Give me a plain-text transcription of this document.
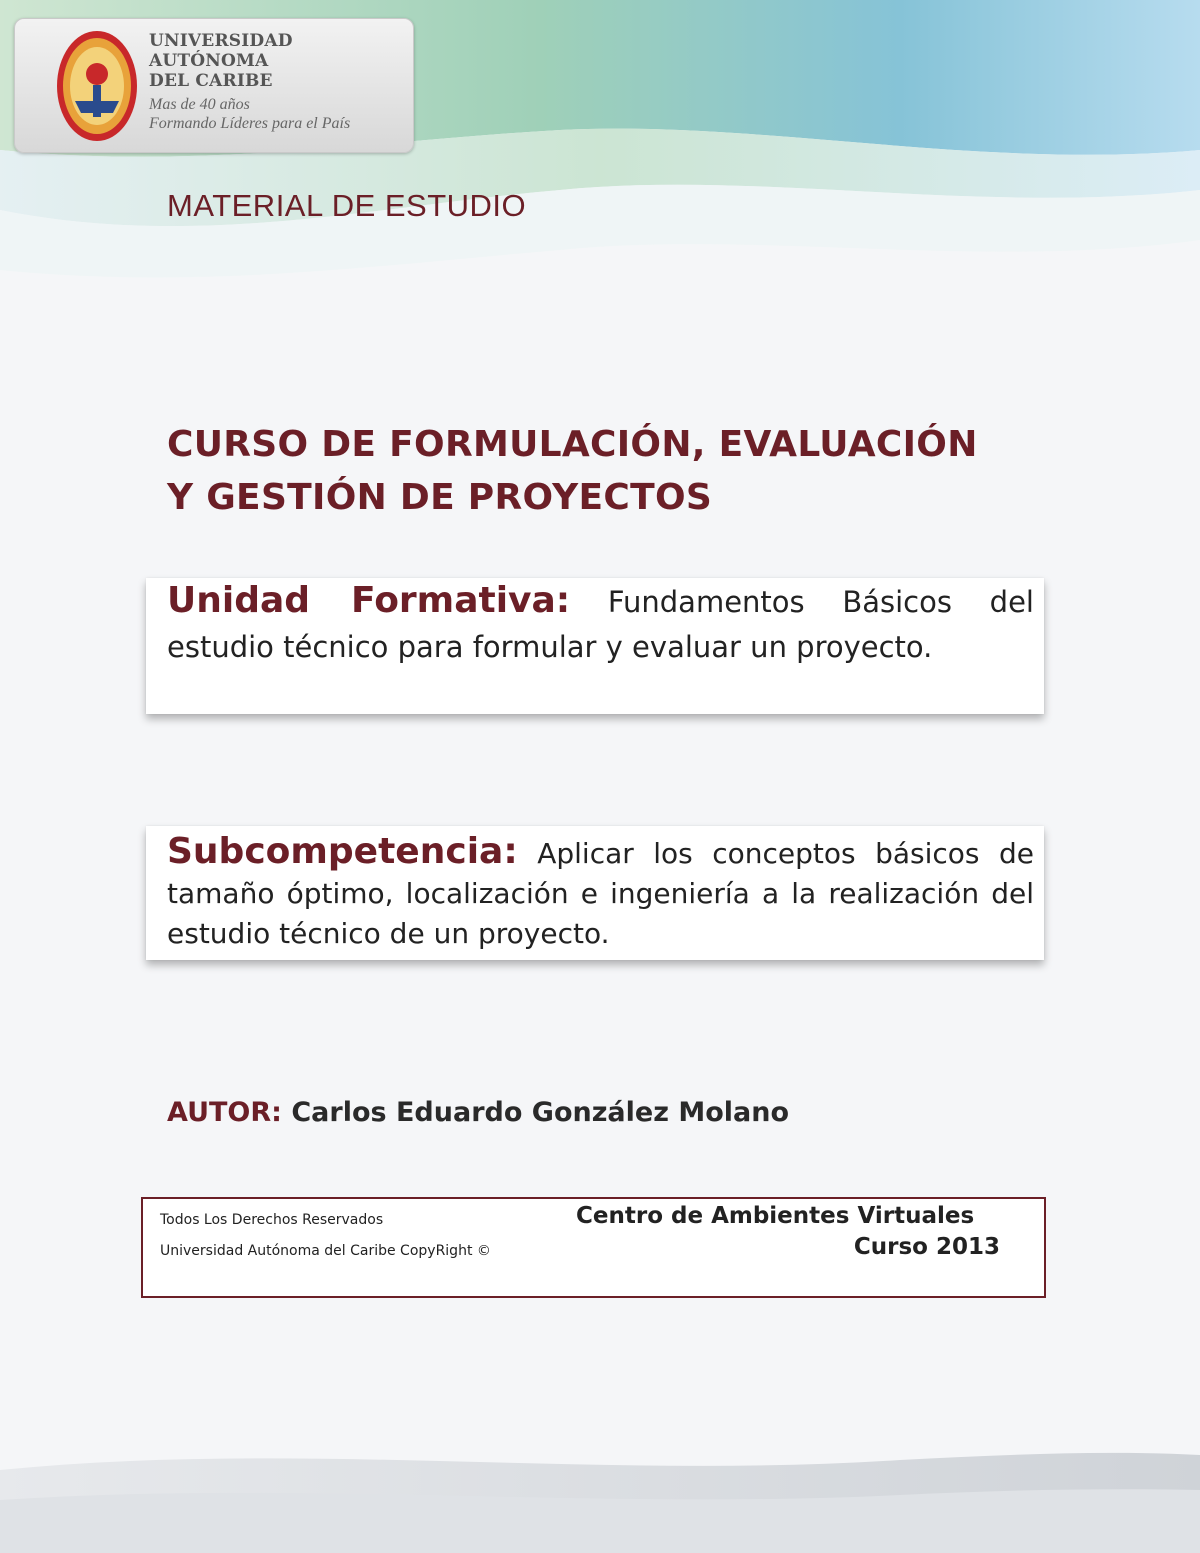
UNIVERSIDAD
AUTÓNOMA
DEL CARIBE
Mas de 40 años
Formando Líderes para el País
MATERIAL DE ESTUDIO
CURSO DE FORMULACIÓN, EVALUACIÓN
Y GESTIÓN DE PROYECTOS
Unidad Formativa: Fundamentos Básicos del estudio técnico para formular y evaluar un proyecto.
Subcompetencia: Aplicar los conceptos básicos de tamaño óptimo, localización e ingeniería a la realización del estudio técnico de un proyecto.
AUTOR: Carlos Eduardo González Molano
Todos Los Derechos Reservados
Universidad Autónoma del Caribe CopyRight ©
Centro de Ambientes Virtuales
Curso 2013
